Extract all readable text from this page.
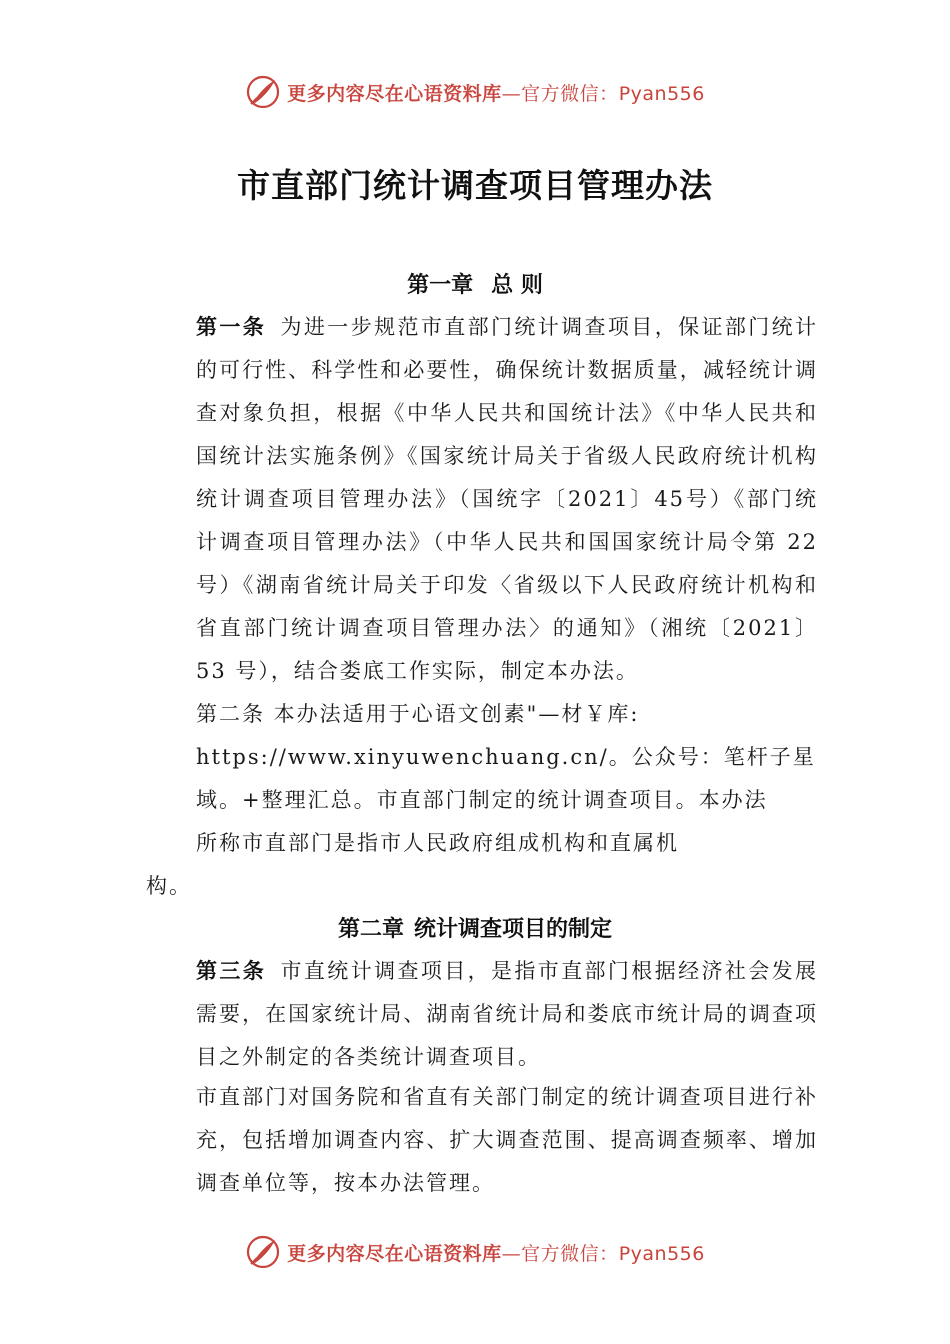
更多内容尽在心语资料库—官方微信：Pyan556
市直部门统计调查项目管理办法
第一章 总 则
第一条 为进一步规范市直部门统计调查项目，保证部门统计的可行性、科学性和必要性，确保统计数据质量，减轻统计调查对象负担，根据《中华人民共和国统计法》《中华人民共和国统计法实施条例》《国家统计局关于省级人民政府统计机构统计调查项目管理办法》（国统字〔2021〕45号）《部门统计调查项目管理办法》（中华人民共和国国家统计局令第 22 号）《湖南省统计局关于印发〈省级以下人民政府统计机构和省直部门统计调查项目管理办法〉的通知》（湘统〔2021〕53 号），结合娄底工作实际，制定本办法。
第二条 本办法适用于心语文创素"—材￥库:
https://www.xinyuwenchuang.cn/。公众号：笔杆子星
域。+整理汇总。市直部门制定的统计调查项目。本办法
所称市直部门是指市人民政府组成机构和直属机
构。
第二章 统计调查项目的制定
第三条 市直统计调查项目，是指市直部门根据经济社会发展需要，在国家统计局、湖南省统计局和娄底市统计局的调查项目之外制定的各类统计调查项目。
市直部门对国务院和省直有关部门制定的统计调查项目进行补充，包括增加调查内容、扩大调查范围、提高调查频率、增加调查单位等，按本办法管理。
更多内容尽在心语资料库—官方微信：Pyan556
